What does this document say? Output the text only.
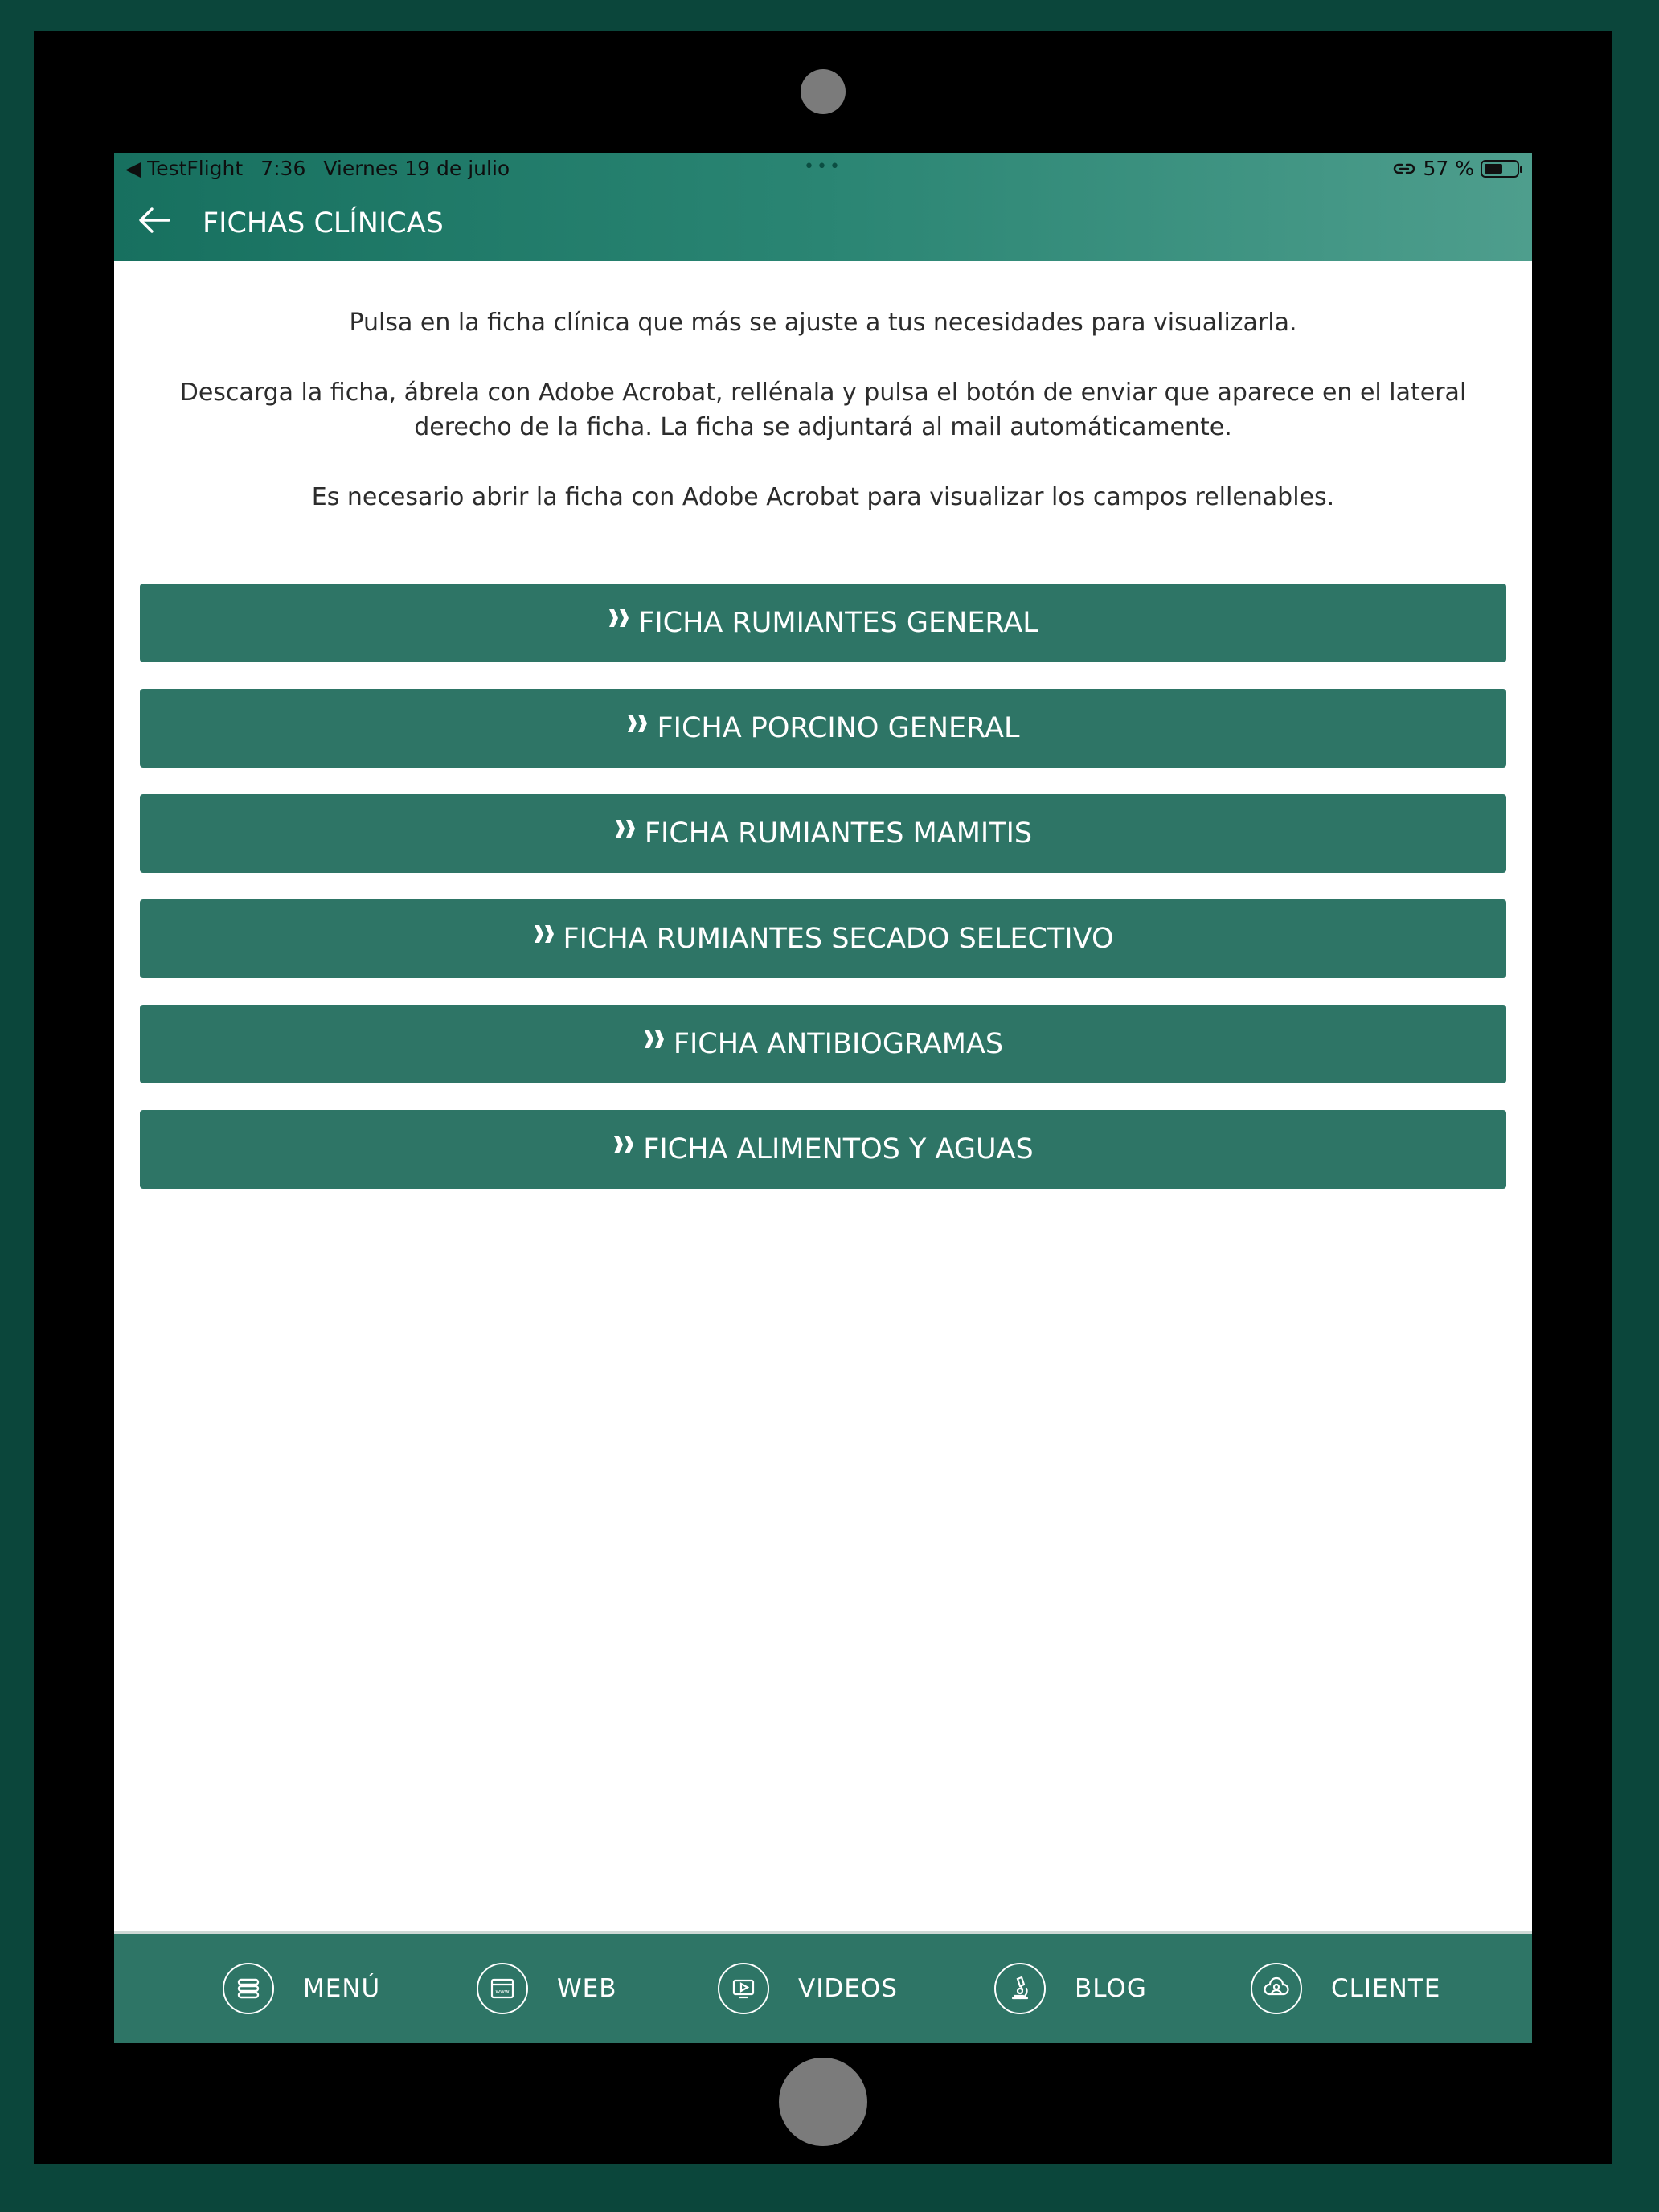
◀ TestFlight 7:36 Viernes 19 de julio	•••	57 %
FICHAS CLÍNICAS

Pulsa en la ficha clínica que más se ajuste a tus necesidades para visualizarla.

Descarga la ficha, ábrela con Adobe Acrobat, rellénala y pulsa el botón de enviar que aparece en el lateral derecho de la ficha. La ficha se adjuntará al mail automáticamente.

Es necesario abrir la ficha con Adobe Acrobat para visualizar los campos rellenables.

FICHA RUMIANTES GENERAL
FICHA PORCINO GENERAL
FICHA RUMIANTES MAMITIS
FICHA RUMIANTES SECADO SELECTIVO
FICHA ANTIBIOGRAMAS
FICHA ALIMENTOS Y AGUAS
MENÚ	www WEB	VIDEOS	BLOG	CLIENTE
